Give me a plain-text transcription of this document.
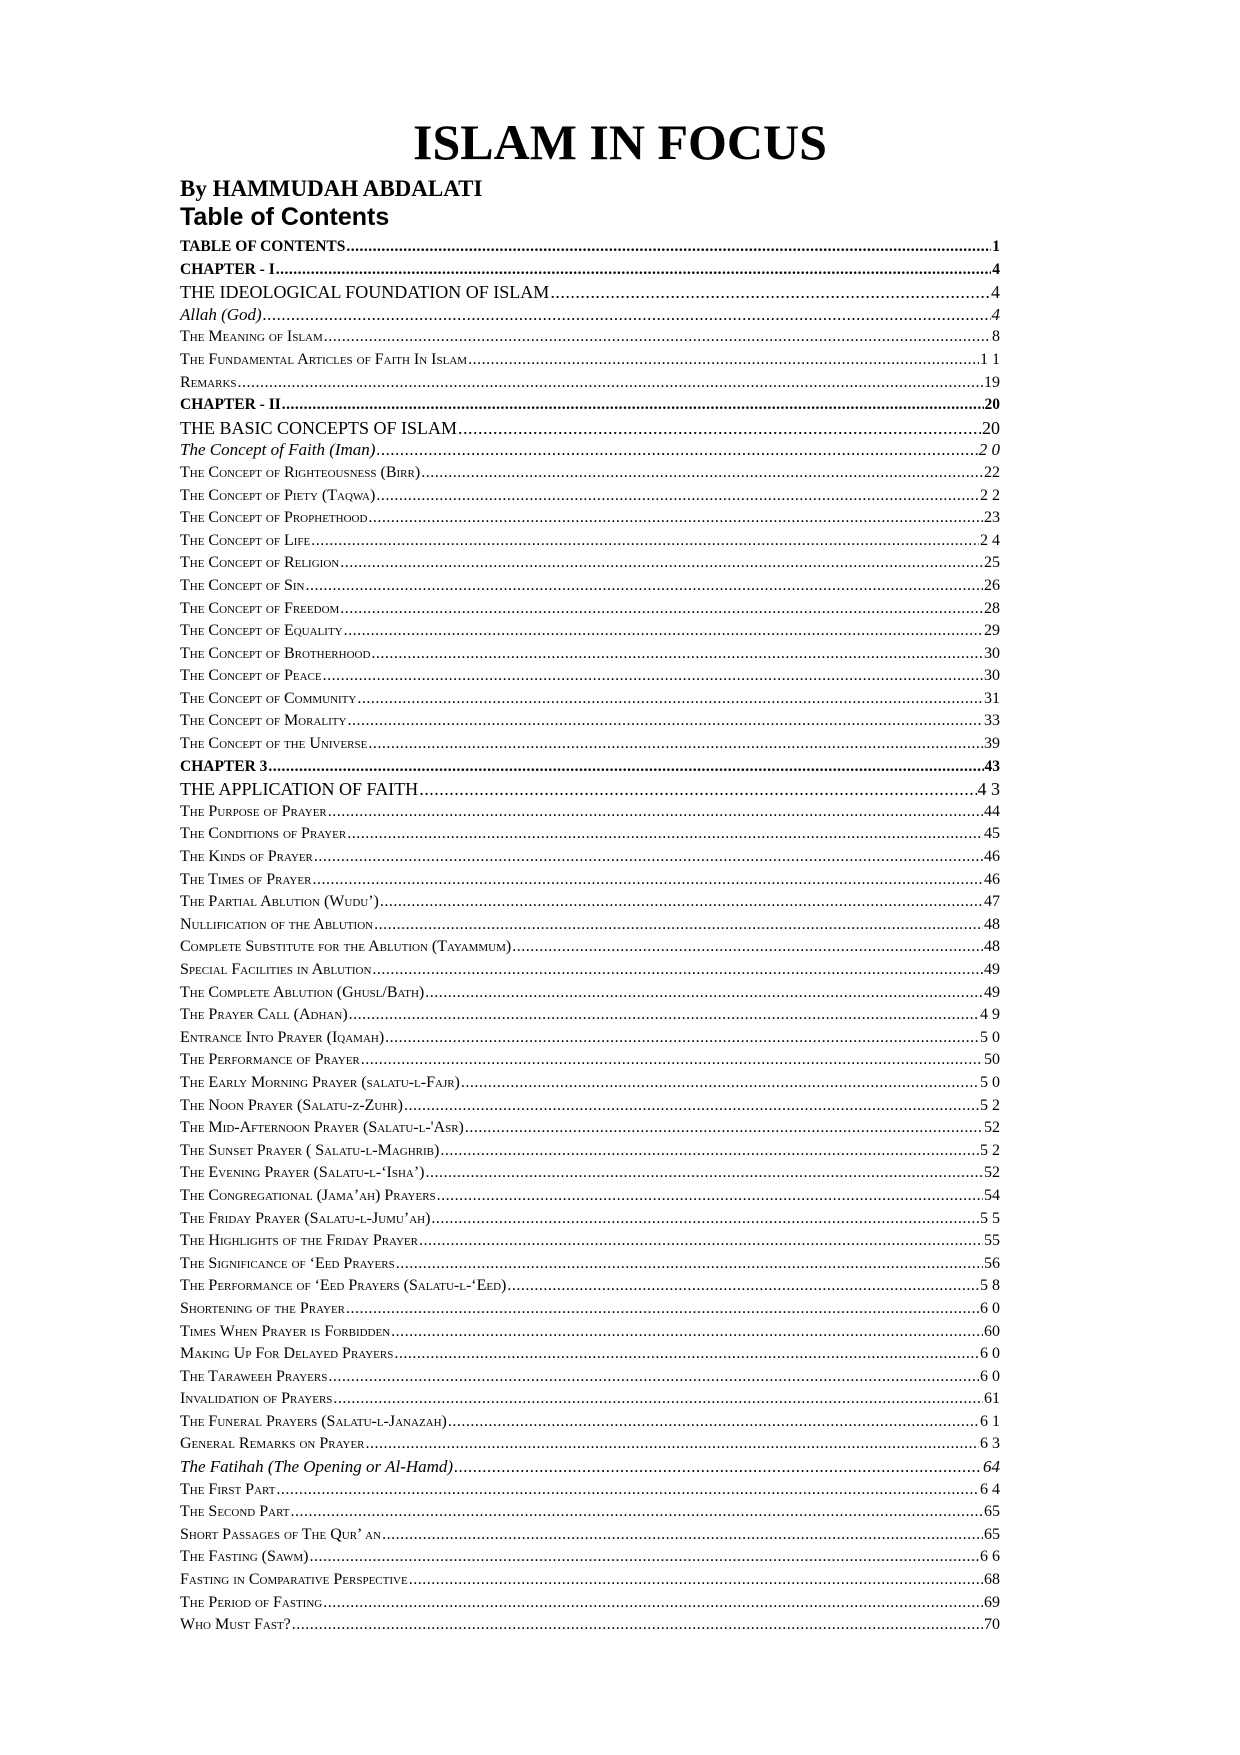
ISLAM IN FOCUS
By HAMMUDAH ABDALATI
Table of Contents
TABLE OF CONTENTS .....	1
CHAPTER - I .....	4
THE IDEOLOGICAL FOUNDATION OF ISLAM .....	4
Allah (God) .....	4
The Meaning of Islam .....	8
The Fundamental Articles of Faith In Islam .....	1 1
Remarks .....	19
CHAPTER - II .....	20
THE BASIC CONCEPTS OF ISLAM .....	20
The Concept of Faith (Iman) .....	2 0
The Concept of Righteousness (Birr) .....	22
The Concept of Piety (Taqwa) .....	2 2
The Concept of Prophethood .....	23
The Concept of Life .....	2 4
The Concept of Religion .....	25
The Concept of Sin .....	26
The Concept of Freedom .....	28
The Concept of Equality .....	29
The Concept of Brotherhood .....	30
The Concept of Peace .....	30
The Concept of Community .....	31
The Concept of Morality .....	33
The Concept of the Universe .....	39
CHAPTER 3 .....	43
THE APPLICATION OF FAITH .....	4 3
The Purpose of Prayer .....	44
The Conditions of Prayer .....	45
The Kinds of Prayer .....	46
The Times of Prayer .....	46
The Partial Ablution (Wudu’) .....	47
Nullification of the Ablution .....	48
Complete Substitute for the Ablution (Tayammum) .....	48
Special Facilities in Ablution .....	49
The Complete Ablution (Ghusl/Bath) .....	49
The Prayer Call (Adhan) .....	4 9
Entrance Into Prayer (Iqamah) .....	5 0
The Performance of Prayer .....	50
The Early Morning Prayer (salatu-l-Fajr) .....	5 0
The Noon Prayer (Salatu-z-Zuhr) .....	5 2
The Mid-Afternoon Prayer (Salatu-l-'Asr) .....	52
The Sunset Prayer ( Salatu-l-Maghrib) .....	5 2
The Evening Prayer (Salatu-l-‘Isha’) .....	52
The Congregational (Jama’ah) Prayers .....	54
The Friday Prayer (Salatu-l-Jumu’ah) .....	5 5
The Highlights of the Friday Prayer .....	55
The Significance of ‘Eed Prayers .....	56
The Performance of ‘Eed Prayers (Salatu-l-‘Eed) .....	5 8
Shortening of the Prayer .....	6 0
Times When Prayer is Forbidden .....	60
Making Up For Delayed Prayers .....	6 0
The Taraweeh Prayers .....	6 0
Invalidation of Prayers .....	61
The Funeral Prayers (Salatu-l-Janazah) .....	6 1
General Remarks on Prayer .....	6 3
The Fatihah (The Opening or Al-Hamd) .....	64
The First Part .....	6 4
The Second Part .....	65
Short Passages of The Qur’ an .....	65
The Fasting (Sawm) .....	6 6
Fasting in Comparative Perspective .....	68
The Period of Fasting .....	69
Who Must Fast? .....	70
